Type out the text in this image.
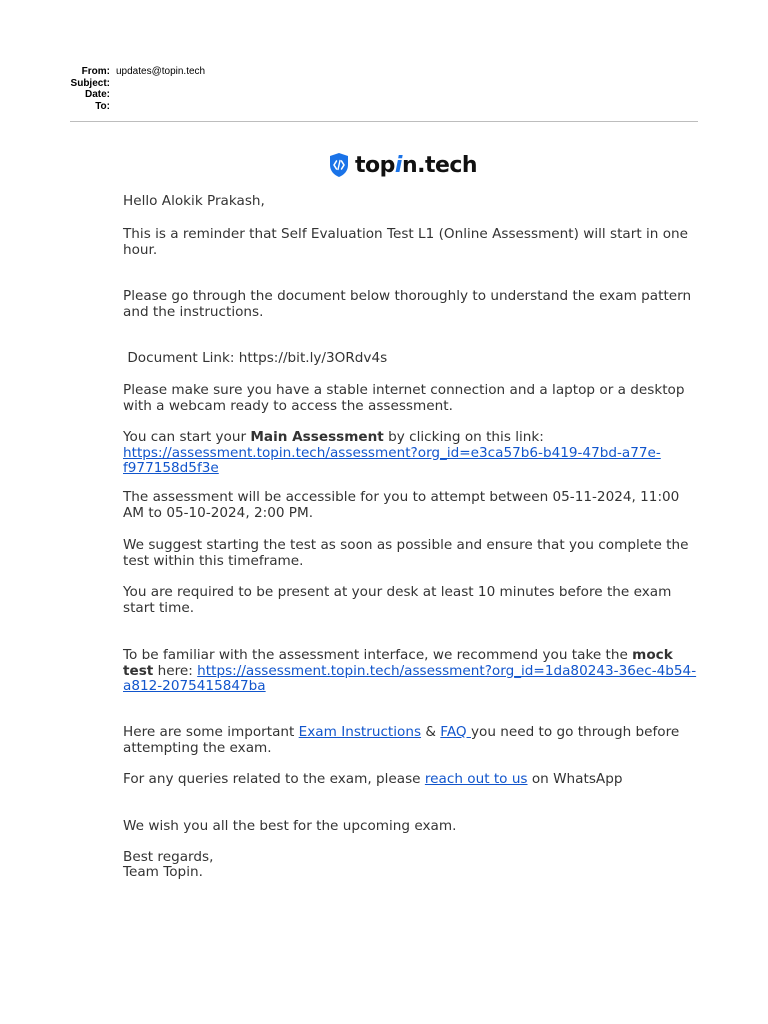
From: updates@topin.tech
Subject:
Date:
To:
topin.tech
Hello Alokik Prakash,
This is a reminder that Self Evaluation Test L1 (Online Assessment) will start in one hour.
Please go through the document below thoroughly to understand the exam pattern and the instructions.
Document Link: https://bit.ly/3ORdv4s
Please make sure you have a stable internet connection and a laptop or a desktop with a webcam ready to access the assessment.
You can start your Main Assessment by clicking on this link:
https://assessment.topin.tech/assessment?org_id=e3ca57b6-b419-47bd-a77e-f977158d5f3e
The assessment will be accessible for you to attempt between 05-11-2024, 11:00 AM to 05-10-2024, 2:00 PM.
We suggest starting the test as soon as possible and ensure that you complete the test within this timeframe.
You are required to be present at your desk at least 10 minutes before the exam start time.
To be familiar with the assessment interface, we recommend you take the mock test here: https://assessment.topin.tech/assessment?org_id=1da80243-36ec-4b54-a812-2075415847ba
Here are some important Exam Instructions & FAQ you need to go through before attempting the exam.
For any queries related to the exam, please reach out to us on WhatsApp
We wish you all the best for the upcoming exam.
Best regards,
Team Topin.
